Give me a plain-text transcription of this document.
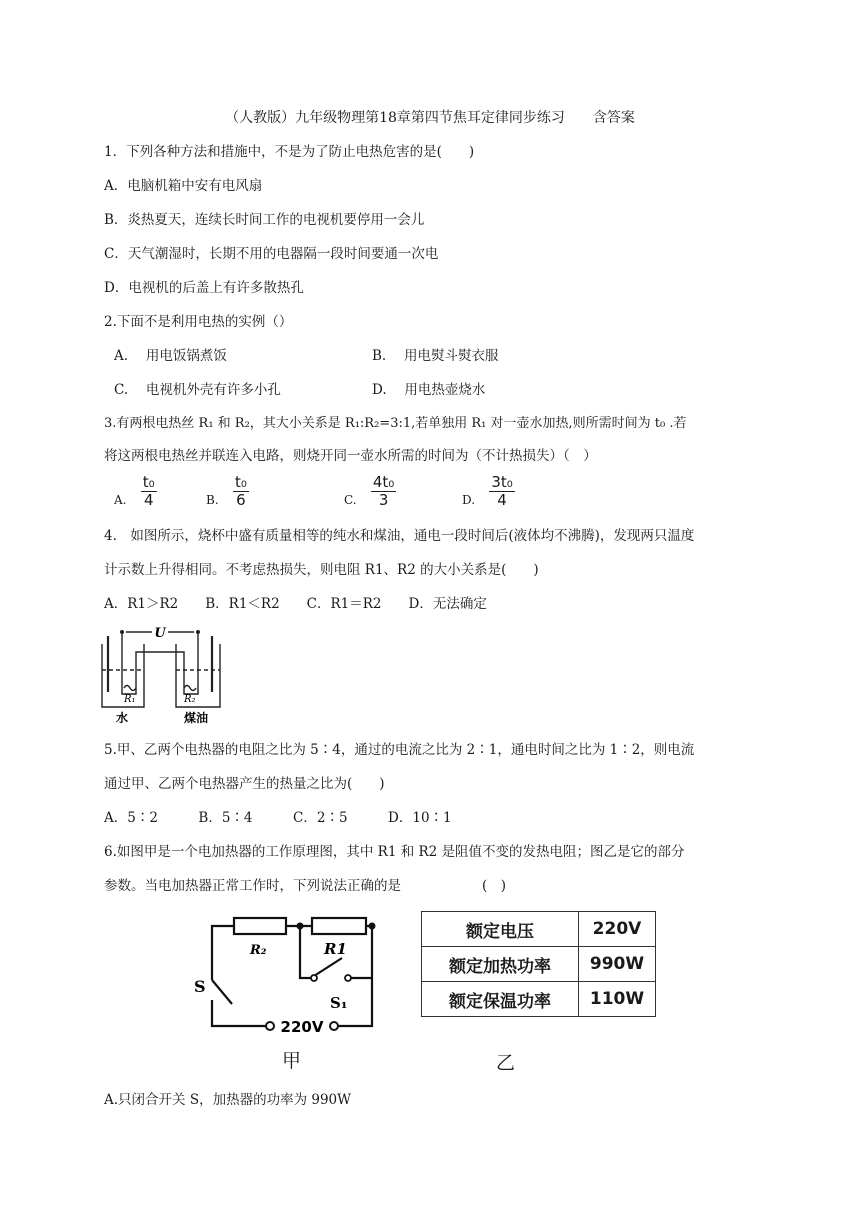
（人教版）九年级物理第18章第四节焦耳定律同步练习　　含答案
1．下列各种方法和措施中，不是为了防止电热危害的是(　　)
A．电脑机箱中安有电风扇
B．炎热夏天，连续长时间工作的电视机要停用一会儿
C．天气潮湿时，长期不用的电器隔一段时间要通一次电
D．电视机的后盖上有许多散热孔
2.下面不是利用电热的实例（）
A.　 用电饭锅煮饭	B.　 用电熨斗熨衣服
C.　 电视机外壳有许多小孔	D.　 用电热壶烧水
3.有两根电热丝 R₁ 和 R₂，其大小关系是 R₁:R₂=3:1,若单独用 R₁ 对一壶水加热,则所需时间为 t₀ .若
将这两根电热丝并联连入电路，则烧开同一壶水所需的时间为（不计热损失）（　）
A. $\frac{\text{t₀}}{4}$	B. $\frac{\text{t₀}}{6}$	C. $\frac{\text{4t₀}}{3}$	D. $\frac{\text{3t₀}}{4}$
4.　如图所示，烧杯中盛有质量相等的纯水和煤油，通电一段时间后(液体均不沸腾)，发现两只温度
计示数上升得相同。不考虑热损失，则电阻 R1、R2 的大小关系是(　　)
A．R1＞R2　　B．R1＜R2　　C．R1＝R2　　D．无法确定
U
R₁	R₂
水	煤油
5.甲、乙两个电热器的电阻之比为 5∶4，通过的电流之比为 2∶1，通电时间之比为 1∶2，则电流
通过甲、乙两个电热器产生的热量之比为(　　)
A．5∶2　　　B．5∶4　　　C．2∶5　　　D．10∶1
6.如图甲是一个电加热器的工作原理图，其中 R1 和 R2 是阻值不变的发热电阻；图乙是它的部分
参数。当电加热器正常工作时，下列说法正确的是　　　　　　(　)
R₂	R1
S
S₁
220V
额定电压	220V
额定加热功率	990W
额定保温功率	110W
甲	乙
A.只闭合开关 S，加热器的功率为 990W
